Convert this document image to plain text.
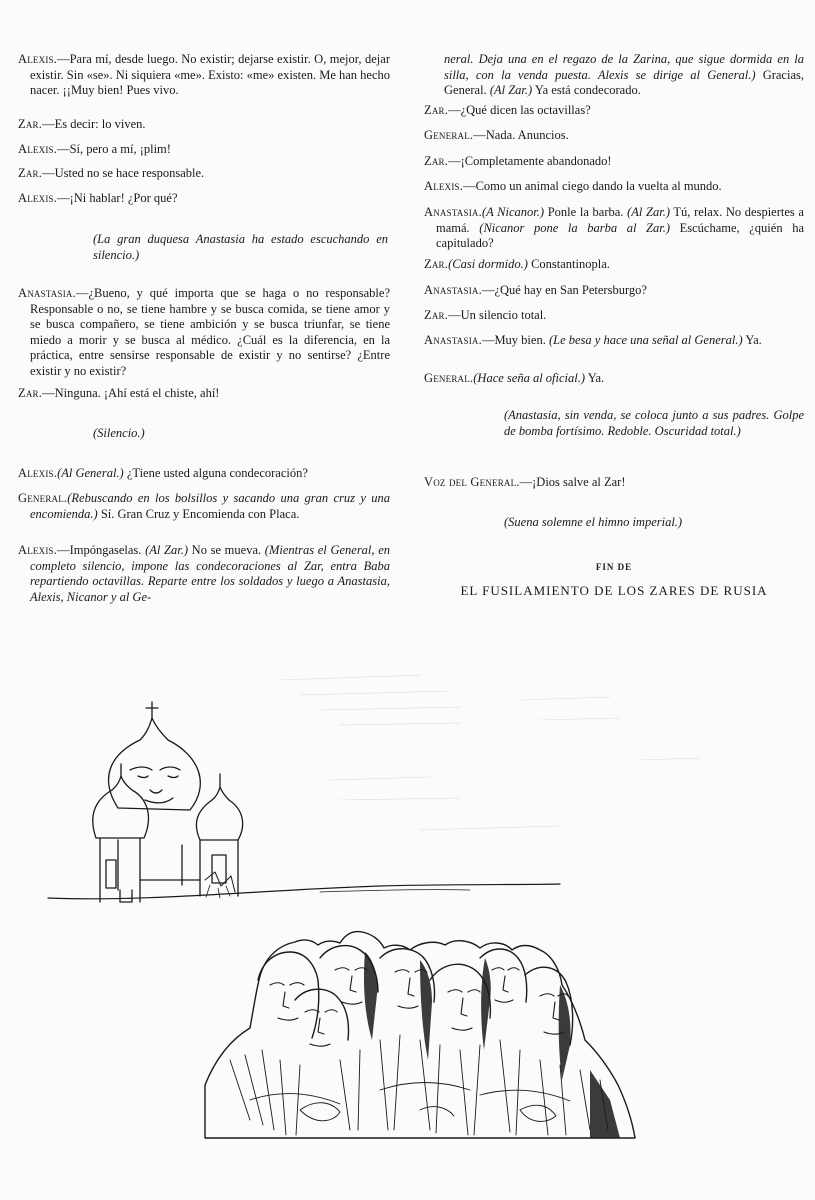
Alexis.—Para mí, desde luego. No existir; dejarse existir. O, mejor, dejar existir. Sin «se». Ni siquiera «me». Existo: «me» existen. Me han hecho nacer. ¡¡Muy bien! Pues vivo.
Zar.—Es decir: lo viven.
Alexis.—Sí, pero a mí, ¡plim!
Zar.—Usted no se hace responsable.
Alexis.—¡Ni hablar! ¿Por qué?
(La gran duquesa Anastasia ha estado escuchando en silencio.)
Anastasia.—¿Bueno, y qué importa que se haga o no responsable? Responsable o no, se tiene hambre y se busca comida, se tiene amor y se busca compañero, se tiene ambición y se busca triunfar, se tiene miedo a morir y se busca al médico. ¿Cuál es la diferencia, en la práctica, entre sensirse responsable de existir y no sentirse? ¿Entre existir y no existir?
Zar.—Ninguna. ¡Ahí está el chiste, ahí!
(Silencio.)
Alexis.(Al General.) ¿Tiene usted alguna condecoración?
General.(Rebuscando en los bolsillos y sacando una gran cruz y una encomienda.) Sí. Gran Cruz y Encomienda con Placa.
Alexis.—Impóngaselas. (Al Zar.) No se mueva. (Mientras el General, en completo silencio, impone las condecoraciones al Zar, entra Baba repartiendo octavillas. Reparte entre los soldados y luego a Anastasia, Alexis, Nicanor y al Ge-
neral. Deja una en el regazo de la Zarina, que sigue dormida en la silla, con la venda puesta. Alexis se dirige al General.) Gracias, General. (Al Zar.) Ya está condecorado.
Zar.—¿Qué dicen las octavillas?
General.—Nada. Anuncios.
Zar.—¡Completamente abandonado!
Alexis.—Como un animal ciego dando la vuelta al mundo.
Anastasia.(A Nicanor.) Ponle la barba. (Al Zar.) Tú, relax. No despiertes a mamá. (Nicanor pone la barba al Zar.) Escúchame, ¿quién ha capitulado?
Zar.(Casi dormido.) Constantinopla.
Anastasia.—¿Qué hay en San Petersburgo?
Zar.—Un silencio total.
Anastasia.—Muy bien. (Le besa y hace una señal al General.) Ya.
General.(Hace seña al oficial.) Ya.
(Anastasia, sin venda, se coloca junto a sus padres. Golpe de bomba fortísimo. Redoble. Oscuridad total.)
Voz del General.—¡Dios salve al Zar!
(Suena solemne el himno imperial.)
FIN DE
EL FUSILAMIENTO DE LOS ZARES DE RUSIA
